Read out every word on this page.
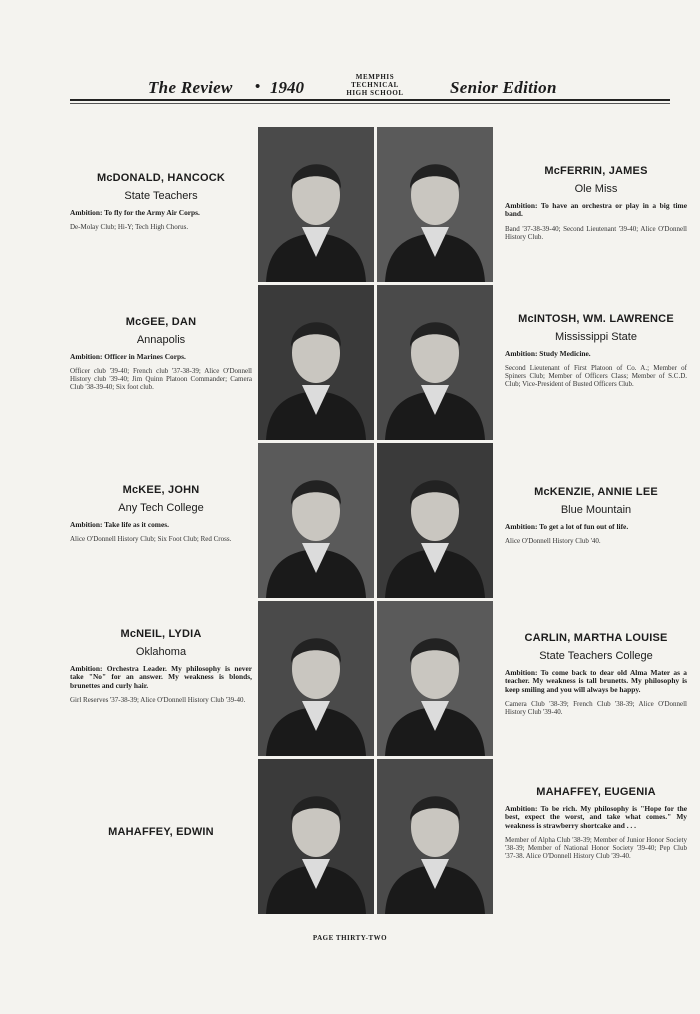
The Review • 1940
MEMPHIS
TECHNICAL
HIGH SCHOOL	Senior Edition
McDONALD, HANCOCK
State Teachers
Ambition: To fly for the Army Air Corps.
De-Molay Club; Hi-Y; Tech High Chorus.
McFERRIN, JAMES
Ole Miss
Ambition: To have an orchestra or play in a big time band.
Band '37-38-39-40; Second Lieutenant '39-40; Alice O'Donnell History Club.
McGEE, DAN
Annapolis
Ambition: Officer in Marines Corps.
Officer club '39-40; French club '37-38-39; Alice O'Donnell History club '39-40; Jim Quinn Platoon Commander; Camera Club '38-39-40; Six foot club.
McINTOSH, WM. LAWRENCE
Mississippi State
Ambition: Study Medicine.
Second Lieutenant of First Platoon of Co. A.; Member of Spiners Club; Member of Officers Class; Member of S.C.D. Club; Vice-President of Busted Officers Club.
McKEE, JOHN
Any Tech College
Ambition: Take life as it comes.
Alice O'Donnell History Club; Six Foot Club; Red Cross.
McKENZIE, ANNIE LEE
Blue Mountain
Ambition: To get a lot of fun out of life.
Alice O'Donnell History Club '40.
McNEIL, LYDIA
Oklahoma
Ambition: Orchestra Leader. My philosophy is never take "No" for an answer. My weakness is blonds, brunettes and curly hair.
Girl Reserves '37-38-39; Alice O'Donnell History Club '39-40.
CARLIN, MARTHA LOUISE
State Teachers College
Ambition: To come back to dear old Alma Mater as a teacher. My weakness is tall brunetts. My philosophy is keep smiling and you will always be happy.
Camera Club '38-39; French Club '38-39; Alice O'Donnell History Club '39-40.
MAHAFFEY, EDWIN
MAHAFFEY, EUGENIA
Ambition: To be rich. My philosophy is "Hope for the best, expect the worst, and take what comes." My weakness is strawberry shortcake and . . .
Member of Alpha Club '38-39; Member of Junior Honor Society '38-39; Member of National Honor Society '39-40; Pep Club '37-38. Alice O'Donnell History Club '39-40.
PAGE THIRTY-TWO
